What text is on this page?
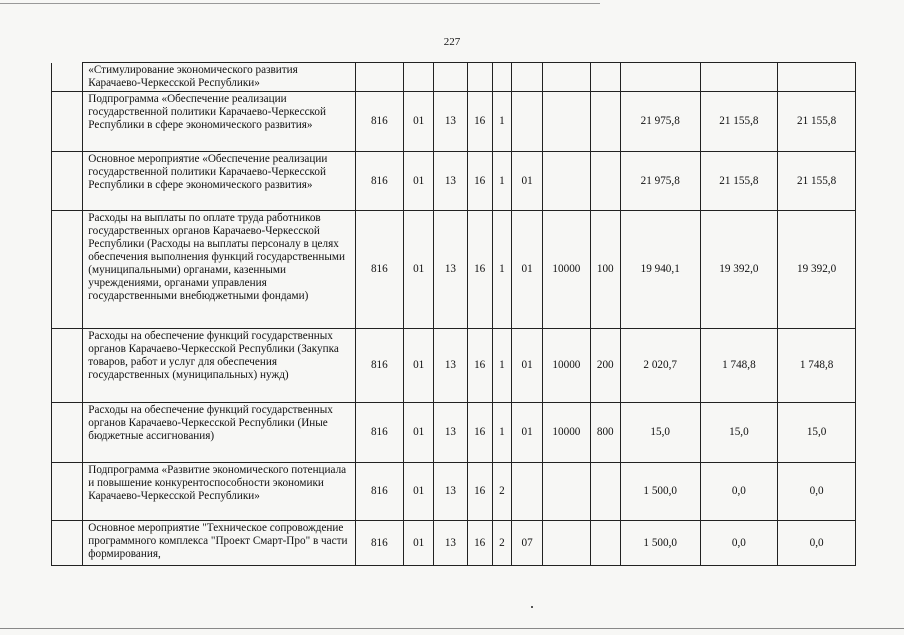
227
	«Стимулирование экономического развития Карачаево-Черкесской Республики»											
	Подпрограмма «Обеспечение реализации государственной политики Карачаево-Черкесской Республики в сфере экономического развития»	816	01	13	16	1				21 975,8	21 155,8	21 155,8
	Основное мероприятие «Обеспечение реализации государственной политики Карачаево-Черкесской Республики в сфере экономического развития»	816	01	13	16	1	01			21 975,8	21 155,8	21 155,8
	Расходы на выплаты по оплате труда работников государственных органов Карачаево-Черкесской Республики (Расходы на выплаты персоналу в целях обеспечения выполнения функций государственными (муниципальными) органами, казенными учреждениями, органами управления государственными внебюджетными фондами)	816	01	13	16	1	01	10000	100	19 940,1	19 392,0	19 392,0
	Расходы на обеспечение функций государственных органов Карачаево-Черкесской Республики (Закупка товаров, работ и услуг для обеспечения государственных (муниципальных) нужд)	816	01	13	16	1	01	10000	200	2 020,7	1 748,8	1 748,8
	Расходы на обеспечение функций государственных органов Карачаево-Черкесской Республики (Иные бюджетные ассигнования)	816	01	13	16	1	01	10000	800	15,0	15,0	15,0
	Подпрограмма «Развитие экономического потенциала и повышение конкурентоспособности экономики Карачаево-Черкесской Республики»	816	01	13	16	2				1 500,0	0,0	0,0
	Основное мероприятие "Техническое сопровождение программного комплекса "Проект Смарт-Про" в части формирования,	816	01	13	16	2	07			1 500,0	0,0	0,0
